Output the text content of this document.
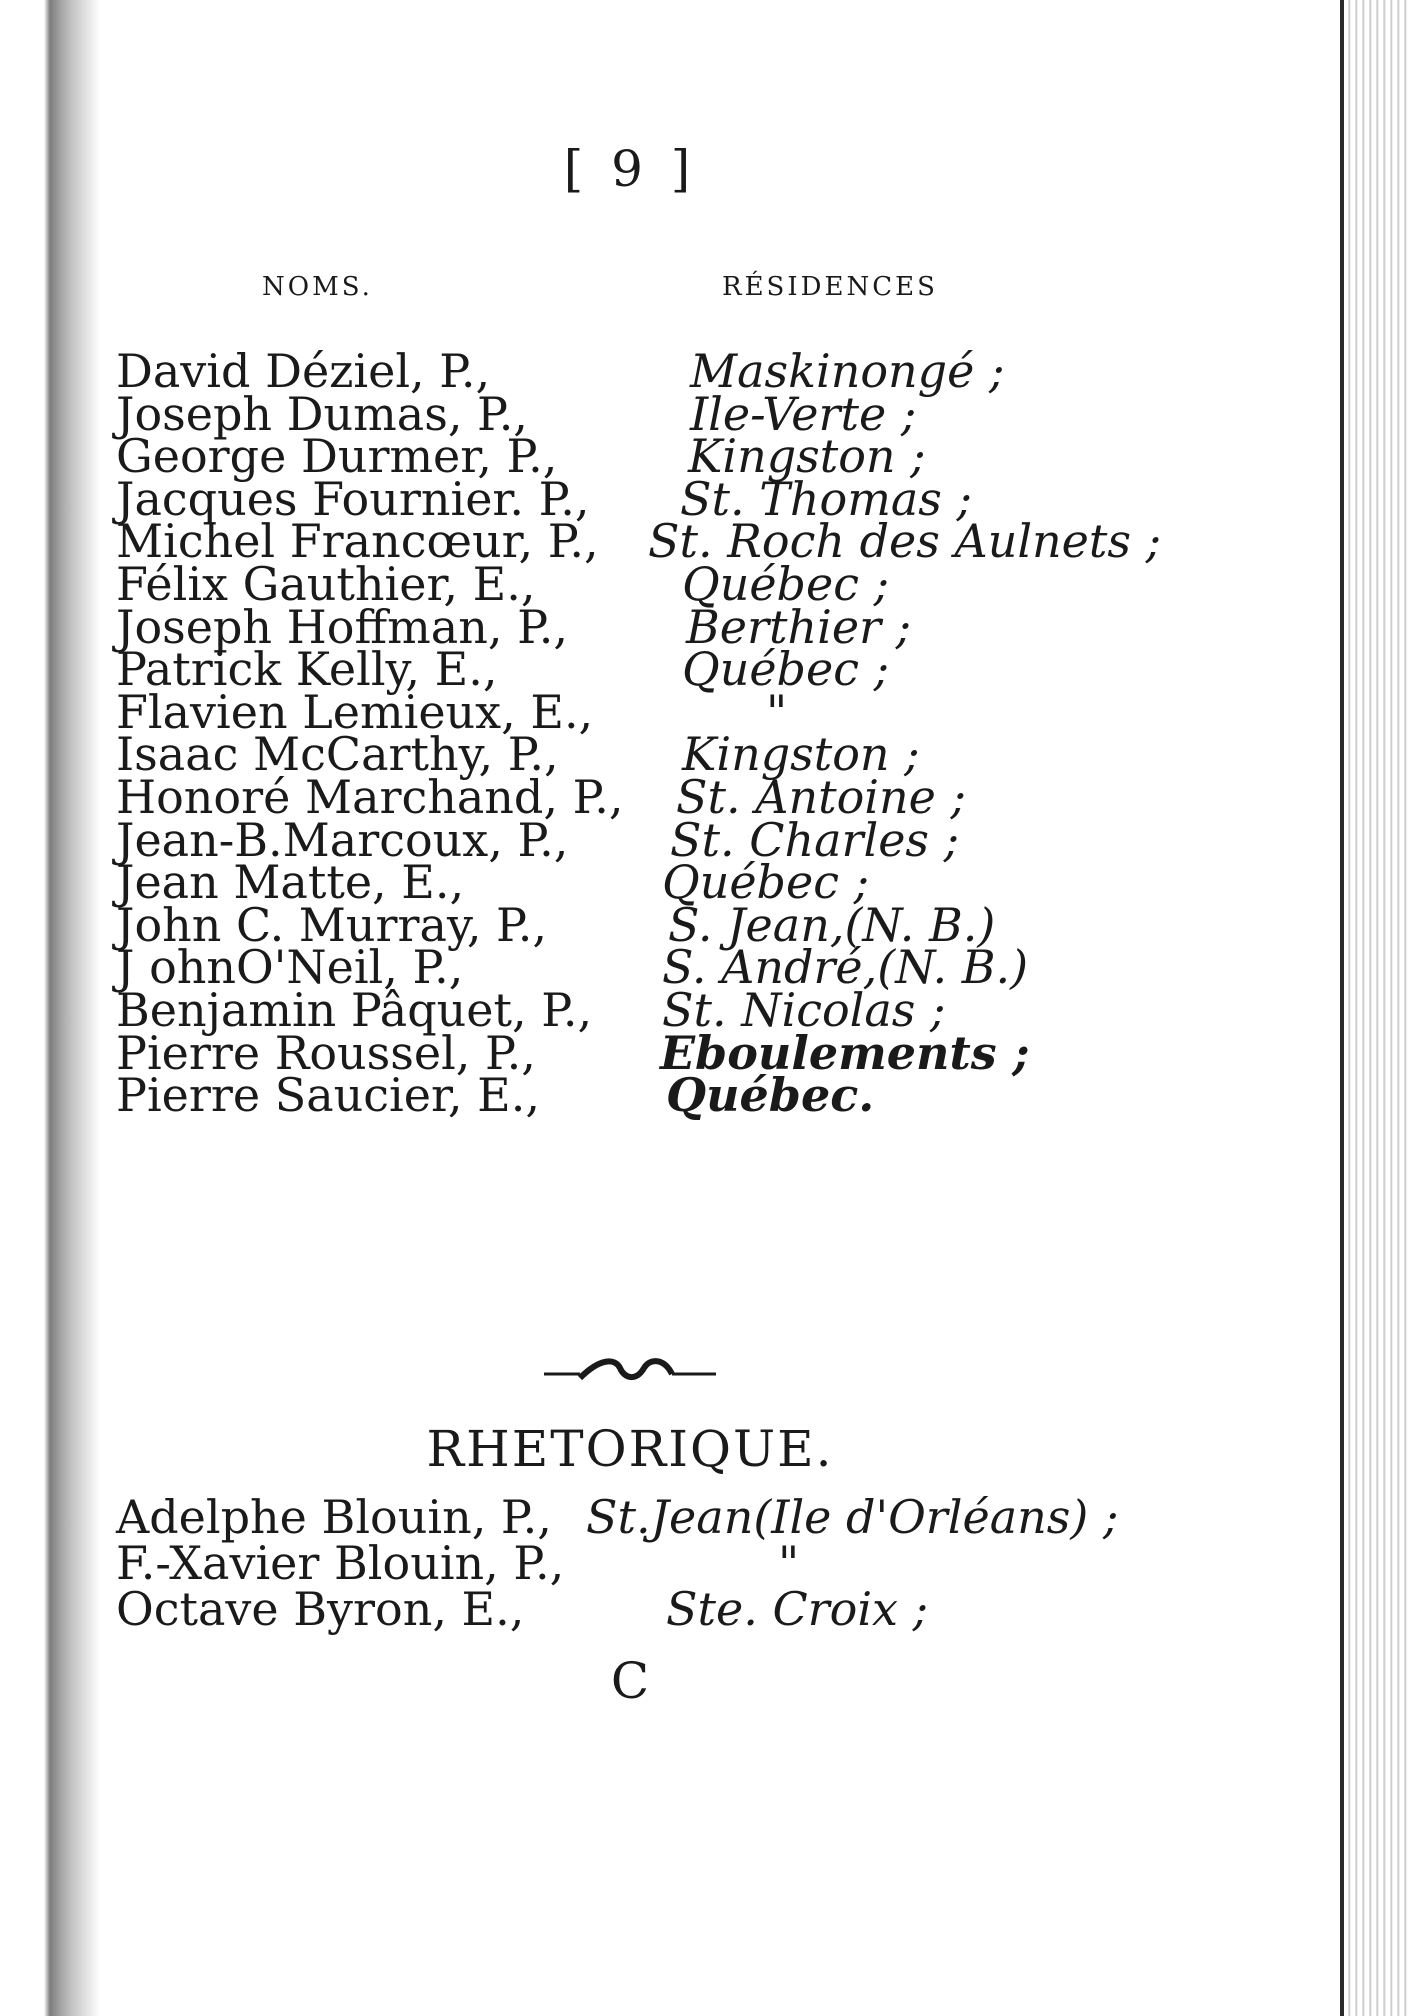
[ 9 ]
NOMS.	RÉSIDENCES
David Déziel, P.,	Maskinongé ;
Joseph Dumas, P.,	Ile-Verte ;
George Durmer, P.,	Kingston ;
Jacques Fournier. P., St. Thomas ;
Michel Francœur, P., St. Roch des Aulnets ;
Félix Gauthier, E.,	Québec ;
Joseph Hoffman, P.,	Berthier ;
Patrick Kelly, E.,	Québec ;
Flavien Lemieux, E.,	"
Isaac McCarthy, P.,	Kingston ;
Honoré Marchand, P., St. Antoine ;
Jean-B.Marcoux, P., St. Charles ;
Jean Matte, E.,	Québec ;
John C. Murray, P.,	S. Jean,(N. B.)
J ohnO'Neil, P.,	S. André,(N. B.)
Benjamin Pâquet, P., St. Nicolas ;
Pierre Roussel, P.,	Eboulements ;
Pierre Saucier, E.,	Québec.
RHETORIQUE.
Adelphe Blouin, P., St.Jean(Ile d'Orléans) ;
F.-Xavier Blouin, P.,	"
Octave Byron, E.,	Ste. Croix ;
C
